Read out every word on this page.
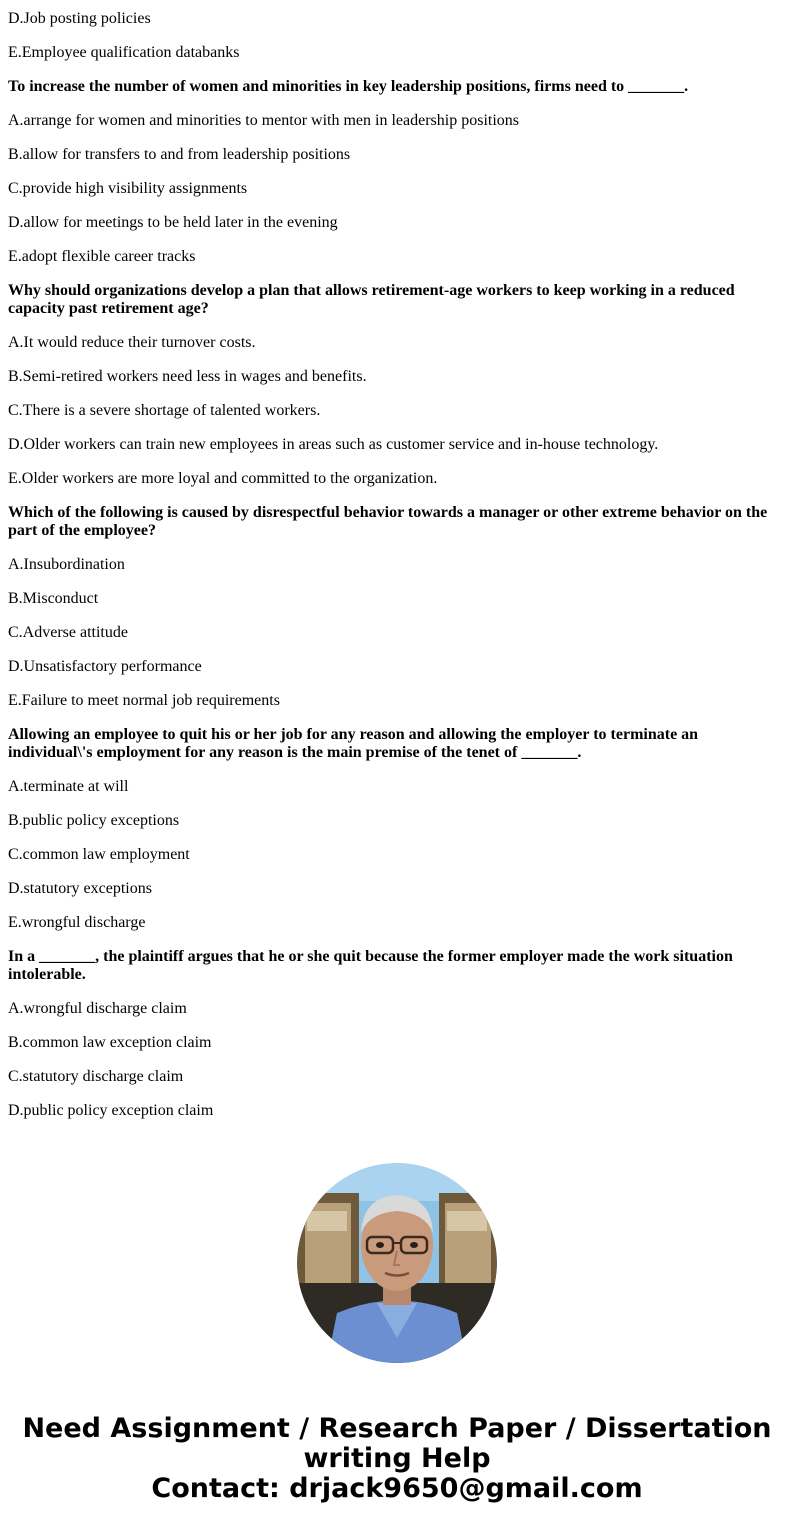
D.Job posting policies
E.Employee qualification databanks
To increase the number of women and minorities in key leadership positions, firms need to _______.
A.arrange for women and minorities to mentor with men in leadership positions
B.allow for transfers to and from leadership positions
C.provide high visibility assignments
D.allow for meetings to be held later in the evening
E.adopt flexible career tracks
Why should organizations develop a plan that allows retirement-age workers to keep working in a reduced capacity past retirement age?
A.It would reduce their turnover costs.
B.Semi-retired workers need less in wages and benefits.
C.There is a severe shortage of talented workers.
D.Older workers can train new employees in areas such as customer service and in-house technology.
E.Older workers are more loyal and committed to the organization.
Which of the following is caused by disrespectful behavior towards a manager or other extreme behavior on the part of the employee?
A.Insubordination
B.Misconduct
C.Adverse attitude
D.Unsatisfactory performance
E.Failure to meet normal job requirements
Allowing an employee to quit his or her job for any reason and allowing the employer to terminate an individual\'s employment for any reason is the main premise of the tenet of _______.
A.terminate at will
B.public policy exceptions
C.common law employment
D.statutory exceptions
E.wrongful discharge
In a _______, the plaintiff argues that he or she quit because the former employer made the work situation intolerable.
A.wrongful discharge claim
B.common law exception claim
C.statutory discharge claim
D.public policy exception claim
Need Assignment / Research Paper / Dissertation
writing Help
Contact: drjack9650@gmail.com
